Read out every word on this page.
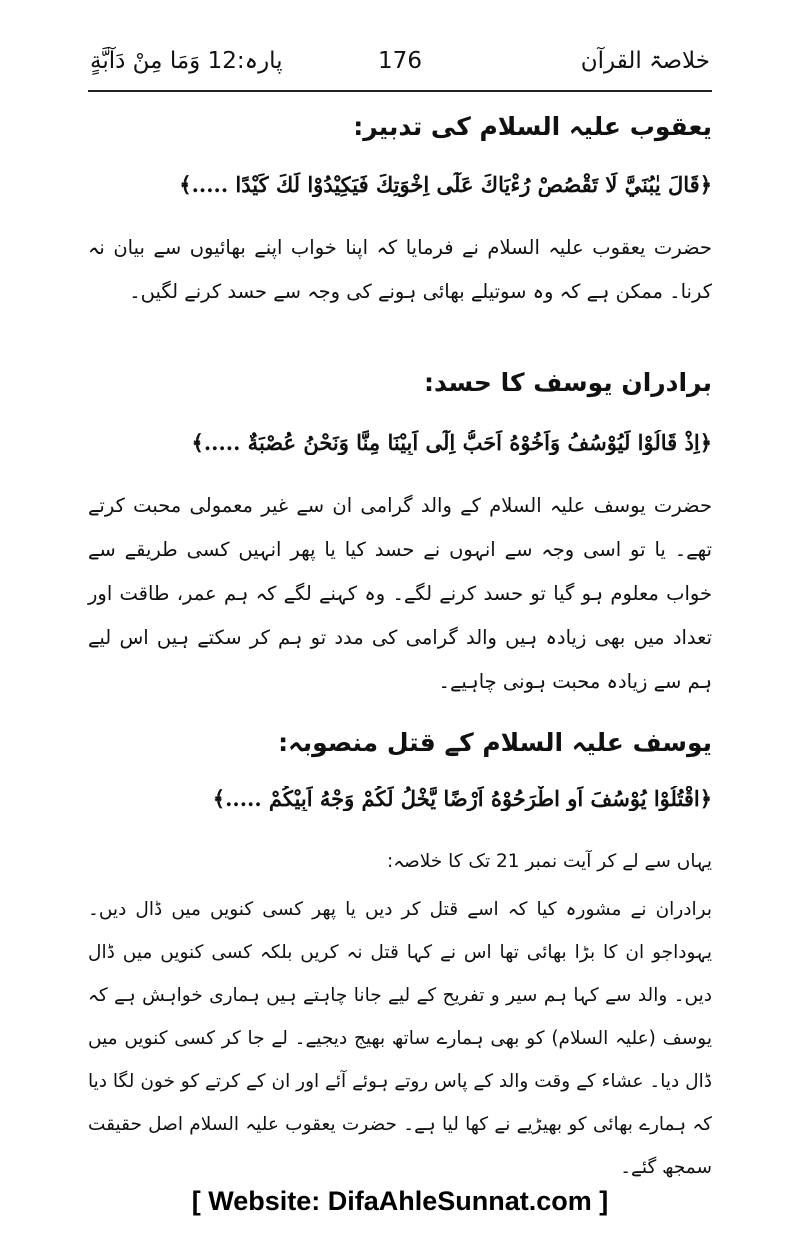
خلاصۃ القرآن
176
پارہ:12 وَمَا مِنْ دَآبَّةٍ
یعقوب علیہ السلام کی تدبیر:
﴿قَالَ يٰبُنَيَّ لَا تَقْصُصْ رُءْيَاكَ عَلٰٓى اِخْوَتِكَ فَيَكِيْدُوْا لَكَ كَيْدًا .....﴾
حضرت یعقوب علیہ السلام نے فرمایا کہ اپنا خواب اپنے بھائیوں سے بیان نہ کرنا۔ ممکن ہے کہ وہ سوتیلے بھائی ہونے کی وجہ سے حسد کرنے لگیں۔
برادران یوسف کا حسد:
﴿اِذْ قَالُوْا لَيُوْسُفُ وَاَخُوْهُ اَحَبُّ اِلٰٓى اَبِيْنَا مِنَّا وَنَحْنُ عُصْبَةٌ .....﴾
حضرت یوسف علیہ السلام کے والد گرامی ان سے غیر معمولی محبت کرتے تھے۔ یا تو اسی وجہ سے انہوں نے حسد کیا یا پھر انہیں کسی طریقے سے خواب معلوم ہو گیا تو حسد کرنے لگے۔ وہ کہنے لگے کہ ہم عمر، طاقت اور تعداد میں بھی زیادہ ہیں والد گرامی کی مدد تو ہم کر سکتے ہیں اس لیے ہم سے زیادہ محبت ہونی چاہیے۔
یوسف علیہ السلام کے قتل منصوبہ:
﴿اقْتُلُوْا يُوْسُفَ اَوِ اطْرَحُوْهُ اَرْضًا يَّخْلُ لَكُمْ وَجْهُ اَبِيْكُمْ .....﴾
یہاں سے لے کر آیت نمبر 21 تک کا خلاصہ:
برادران نے مشورہ کیا کہ اسے قتل کر دیں یا پھر کسی کنویں میں ڈال دیں۔ یہوداجو ان کا بڑا بھائی تھا اس نے کہا قتل نہ کریں بلکہ کسی کنویں میں ڈال دیں۔ والد سے کہا ہم سیر و تفریح کے لیے جانا چاہتے ہیں ہماری خواہش ہے کہ یوسف (علیہ السلام) کو بھی ہمارے ساتھ بھیج دیجیے۔ لے جا کر کسی کنویں میں ڈال دیا۔ عشاء کے وقت والد کے پاس روتے ہوئے آئے اور ان کے کرتے کو خون لگا دیا کہ ہمارے بھائی کو بھیڑیے نے کھا لیا ہے۔ حضرت یعقوب علیہ السلام اصل حقیقت سمجھ گئے۔
[ Website: DifaAhleSunnat.com ]
